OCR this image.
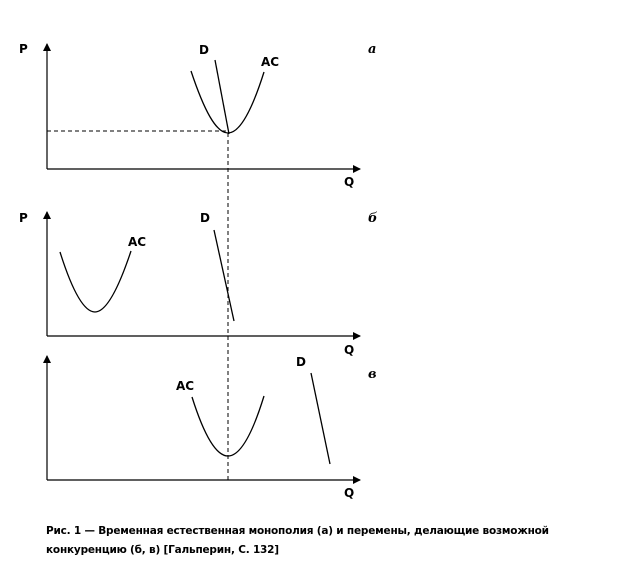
P
Q
а
D
AC
P
Q
б
D
AC
Q
в
D
AC
Рис. 1 — Временная естественная монополия (а) и перемены, делающие возможной
конкуренцию (б, в) [Гальперин, С. 132]
